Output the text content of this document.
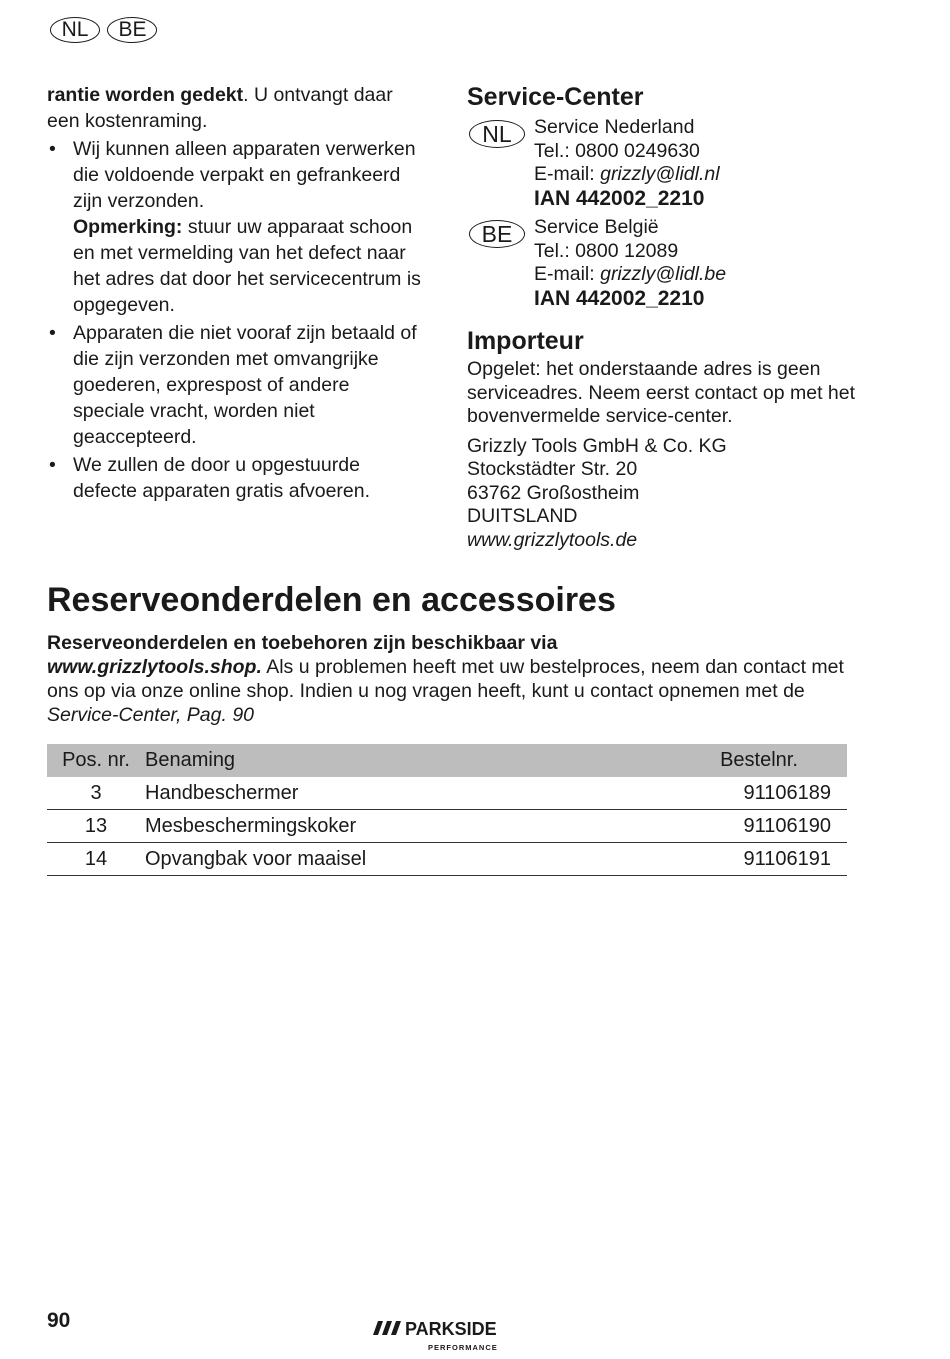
NL BE

rantie worden gedekt. U ontvangt daar een kostenraming.

• Wij kunnen alleen apparaten verwerken die voldoende verpakt en gefrankeerd zijn verzonden.
Opmerking: stuur uw apparaat schoon en met vermelding van het defect naar het adres dat door het servicecentrum is opgegeven.
• Apparaten die niet vooraf zijn betaald of die zijn verzonden met omvangrijke goederen, exprespost of andere speciale vracht, worden niet geaccepteerd.
• We zullen de door u opgestuurde defecte apparaten gratis afvoeren.
Service-Center
NL	Service Nederland
Tel.: 0800 0249630
E-mail: grizzly@lidl.nl
IAN 442002_2210
BE	Service België
Tel.: 0800 12089
E-mail: grizzly@lidl.be
IAN 442002_2210
Importeur
Opgelet: het onderstaande adres is geen serviceadres. Neem eerst contact op met het bovenvermelde service-center.
Grizzly Tools GmbH & Co. KG
Stockstädter Str. 20
63762 Großostheim
DUITSLAND
www.grizzlytools.de
Reserveonderdelen en accessoires

Reserveonderdelen en toebehoren zijn beschikbaar via
www.grizzlytools.shop. Als u problemen heeft met uw bestelproces, neem dan contact met ons op via onze online shop. Indien u nog vragen heeft, kunt u contact opnemen met de Service-Center, Pag. 90

Pos. nr.	Benaming	Bestelnr.
3	Handbeschermer	91106189
13	Mesbeschermingskoker	91106190
14	Opvangbak voor maaisel	91106191
90	PARKSIDE
PERFORMANCE
